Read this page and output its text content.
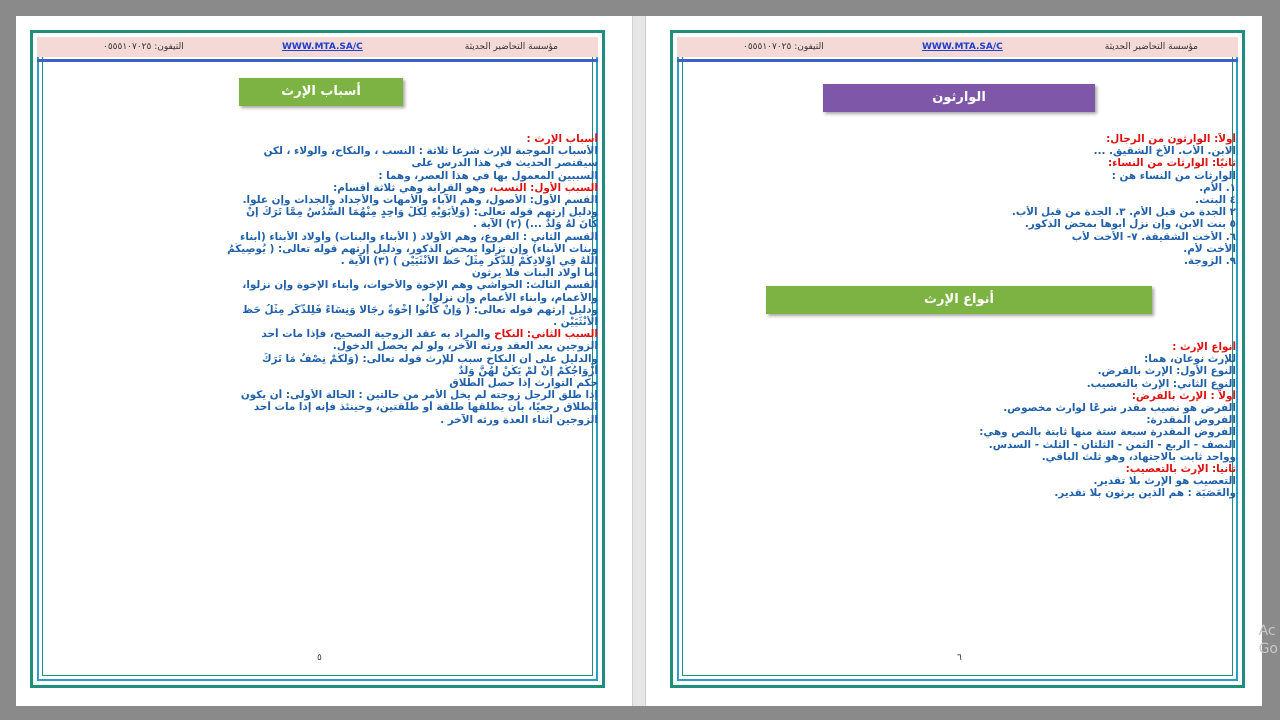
مؤسسة التحاضير الحديثة
WWW.MTA.SA/C
التيفون: ٠٥٥٥١٠٧٠٢٥
أسباب الإرث
أسباب الإرث :
الأسباب الموجبة للإرث شرعاً ثلاثة : النسب ، والنكاح، والولاء ، لكن
سيقتصر الحديث في هذا الدرس على
السببين المعمول بها في هذا العصر، وهما :
السبب الأول: النسب، وهو القرابة وهي ثلاثة أقسام:
القسم الأول: الأصول، وهم الآباء والأمهات والأجداد والجدات وإن علوا.
ودليل إرثهم قوله تعالى: (وَلِأَبَوَيْهِ لِكُلِّ وَاحِدٍ مِنْهُمَا السُّدُسُ مِمَّا تَرَكَ إِنْ
كَانَ لَهُ وَلَدٌ ...) (٢) الآية .
القسم الثاني : الفروع، وهم الأولاد ( الأبناء والبنات) وأولاد الأبناء (أبناء
وبنات الأبناء) وإن نزلوا بمحض الذكور، ودليل إرثهم قوله تعالى: ( يُوصِيكُمُ
اللَّهُ فِي أَوْلَادِكُمْ لِلذَّكَرِ مِثْلُ حَظِّ الْأُنْثَيَيْنِ ) (٣) الآية .
أما أولاد البنات فلا يرثون
القسم الثالث: الحواشي وهم الإخوة والأخوات، وأبناء الإخوة وإن نزلوا،
والأعمام، وأبناء الأعمام وإن نزلوا .
ودليل إرثهم قوله تعالى: ( وَإِنْ كَانُوا إِخْوَةً رِجَالًا وَنِسَاءً فَلِلذَّكَرِ مِثْلُ حَظِّ
الْأُنْثَيَيْنِ .
السبب الثاني: النكاح والمراد به عقد الزوجية الصحيح، فإذا مات أحد
الزوجين بعد العقد ورثه الآخر، ولو لم يحصل الدخول.
والدليل على أن النكاح سبب للإرث قوله تعالى: (وَلَكُمْ نِصْفُ مَا تَرَكَ
أَزْوَاجُكُمْ إِنْ لَمْ يَكُنْ لَهُنَّ وَلَدٌ
حكم التوارث إذا حصل الطلاق
إذا طلق الرجل زوجته لم يخل الأمر من حالتين : الحالة الأولى: أن يكون
الطلاق رجعيًا، بأن يطلقها طلقة أو طلقتين، وحينئذ فإنه إذا مات أحد
الزوجين أثناء العدة ورثه الآخر .
٥
مؤسسة التحاضير الحديثة
WWW.MTA.SA/C
التيفون: ٠٥٥٥١٠٧٠٢٥
الوارثون
أولاً: الوارثون من الرجال:
الابن. الأب. الأخ الشقيق. ...
ثانيًا: الوارثات من النساء:
الوارثات من النساء هن :
١. الأم.
٤ البنت.
٢ الجدة من قبل الأم. ٣. الجدة من قبل الأب.
٥ بنت الابن، وإن نزل أبوها بمحض الذكور.
٦. الأخت الشقيقة. ٧- الأخت لأب
الأخت لأم.
٩. الزوجة.
أنواع الإرث
أنواع الإرث :
للإرث نوعان، هما:
النوع الأول: الإرث بالفرض.
النوع الثاني: الإرث بالتعصيب.
أولاً : الإرث بالفرض:
الفرض هو نصيب مقدر شرعًا لوارث مخصوص.
الفروض المقدرة:
الفروض المقدرة سبعة ستة منها ثابتة بالنص وهي:
النصف - الربع - الثمن - الثلثان - الثلث - السدس.
وواحد ثابت بالاجتهاد، وهو ثلث الباقي.
ثانيا: الإرث بالتعصيب:
التعصيب هو الإرث بلا تقدير.
والعَصَبَة : هم الذين يرثون بلا تقدير.
٦
Ac
Go
